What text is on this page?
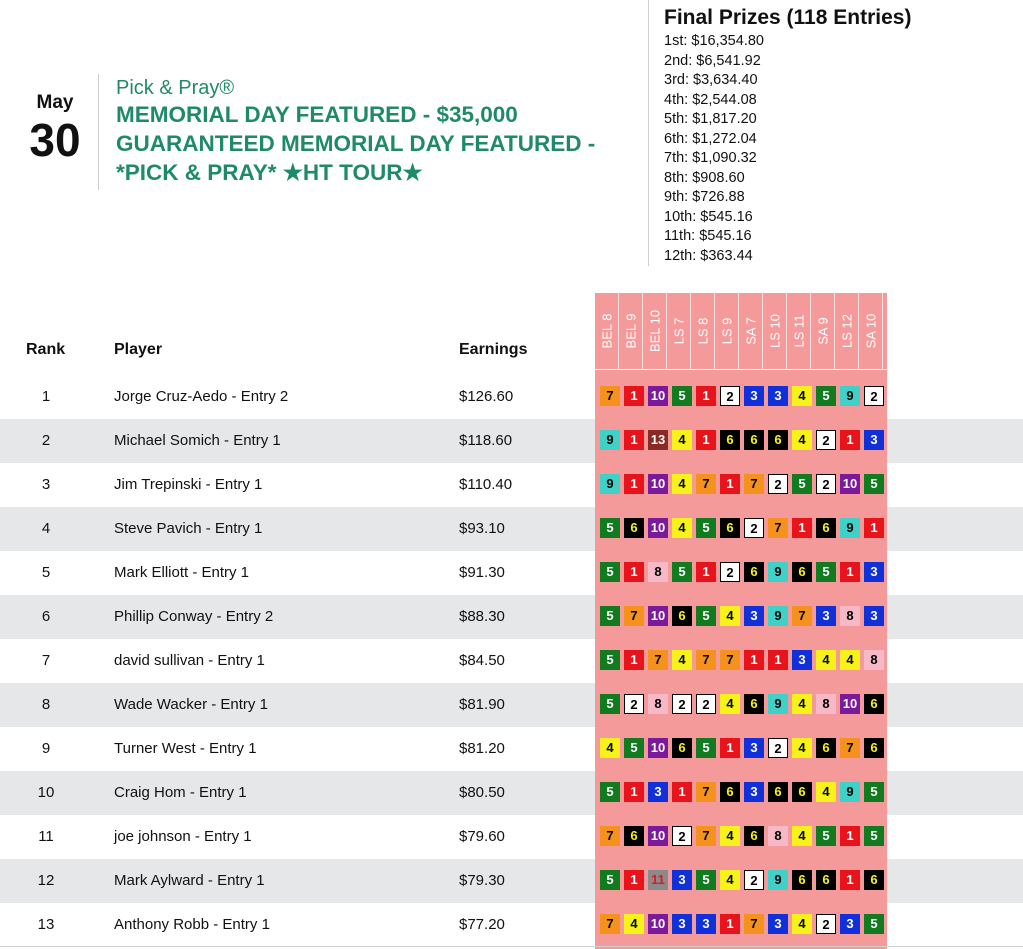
May
30
Pick & Pray®
MEMORIAL DAY FEATURED - $35,000 GUARANTEED MEMORIAL DAY FEATURED - *PICK & PRAY* ★HT TOUR★
Final Prizes (118 Entries)
1st: $16,354.80
2nd: $6,541.92
3rd: $3,634.40
4th: $2,544.08
5th: $1,817.20
6th: $1,272.04
7th: $1,090.32
8th: $908.60
9th: $726.88
10th: $545.16
11th: $545.16
12th: $363.44
Rank	Player	Earnings
BEL 8 BEL 9 BEL 10 LS 7 LS 8 LS 9 SA 7 LS 10 LS 11 SA 9 LS 12 SA 10
1	Jorge Cruz-Aedo - Entry 2	$126.60	7	1	10	5	1	2	3	3	4	5	9	2
2	Michael Somich - Entry 1	$118.60	9	1	13	4	1	6	6	6	4	2	1	3
3	Jim Trepinski - Entry 1	$110.40	9	1	10	4	7	1	7	2	5	2	10	5
4	Steve Pavich - Entry 1	$93.10	5	6	10	4	5	6	2	7	1	6	9	1
5	Mark Elliott - Entry 1	$91.30	5	1	8	5	1	2	6	9	6	5	1	3
6	Phillip Conway - Entry 2	$88.30	5	7	10	6	5	4	3	9	7	3	8	3
7	david sullivan - Entry 1	$84.50	5	1	7	4	7	7	1	1	3	4	4	8
8	Wade Wacker - Entry 1	$81.90	5	2	8	2	2	4	6	9	4	8	10	6
9	Turner West - Entry 1	$81.20	4	5	10	6	5	1	3	2	4	6	7	6
10	Craig Hom - Entry 1	$80.50	5	1	3	1	7	6	3	6	6	4	9	5
11	joe johnson - Entry 1	$79.60	7	6	10	2	7	4	6	8	4	5	1	5
12	Mark Aylward - Entry 1	$79.30	5	1	11	3	5	4	2	9	6	6	1	6
13	Anthony Robb - Entry 1	$77.20	7	4	10	3	3	1	7	3	4	2	3	5
